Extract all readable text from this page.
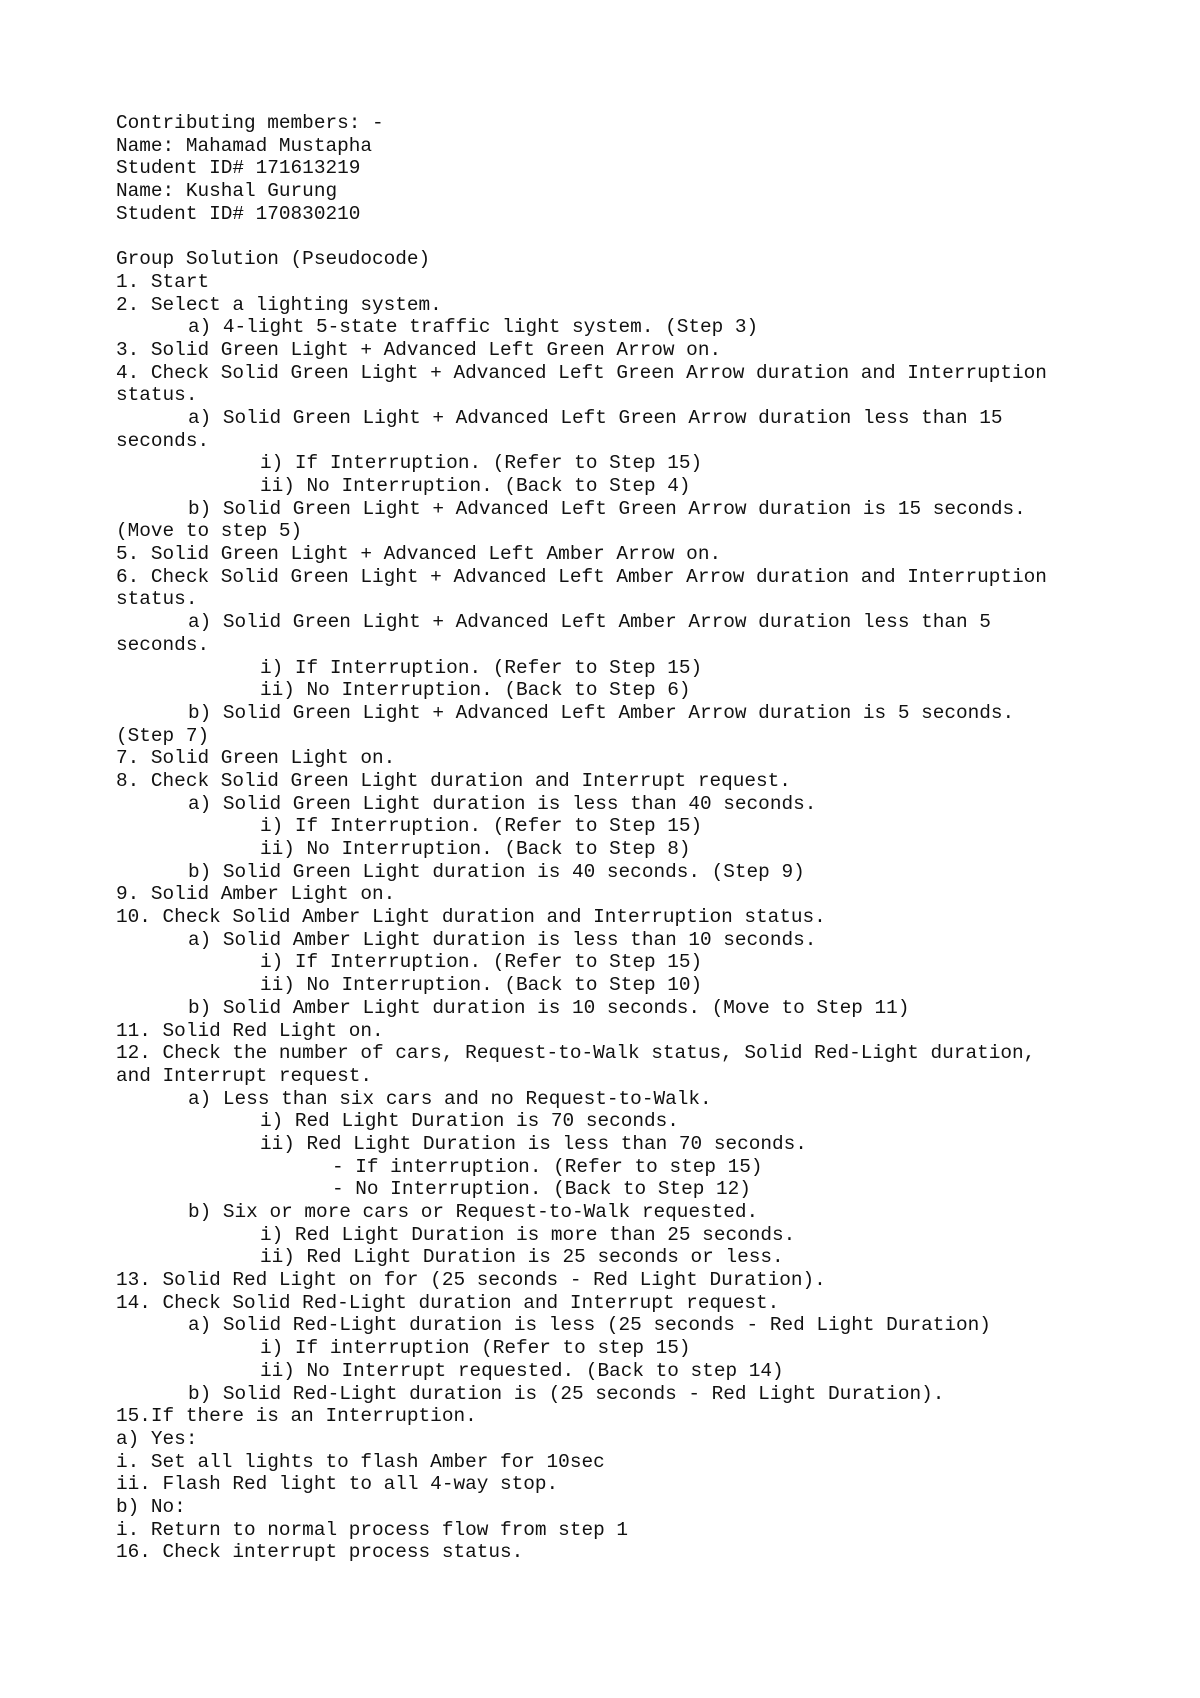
Contributing members: -
Name: Mahamad Mustapha
Student ID# 171613219
Name: Kushal Gurung
Student ID# 170830210
Group Solution (Pseudocode)
1. Start
2. Select a lighting system.
a) 4-light 5-state traffic light system. (Step 3)
3. Solid Green Light + Advanced Left Green Arrow on.
4. Check Solid Green Light + Advanced Left Green Arrow duration and Interruption
status.
a) Solid Green Light + Advanced Left Green Arrow duration less than 15
seconds.
i) If Interruption. (Refer to Step 15)
ii) No Interruption. (Back to Step 4)
b) Solid Green Light + Advanced Left Green Arrow duration is 15 seconds.
(Move to step 5)
5. Solid Green Light + Advanced Left Amber Arrow on.
6. Check Solid Green Light + Advanced Left Amber Arrow duration and Interruption
status.
a) Solid Green Light + Advanced Left Amber Arrow duration less than 5
seconds.
i) If Interruption. (Refer to Step 15)
ii) No Interruption. (Back to Step 6)
b) Solid Green Light + Advanced Left Amber Arrow duration is 5 seconds.
(Step 7)
7. Solid Green Light on.
8. Check Solid Green Light duration and Interrupt request.
a) Solid Green Light duration is less than 40 seconds.
i) If Interruption. (Refer to Step 15)
ii) No Interruption. (Back to Step 8)
b) Solid Green Light duration is 40 seconds. (Step 9)
9. Solid Amber Light on.
10. Check Solid Amber Light duration and Interruption status.
a) Solid Amber Light duration is less than 10 seconds.
i) If Interruption. (Refer to Step 15)
ii) No Interruption. (Back to Step 10)
b) Solid Amber Light duration is 10 seconds. (Move to Step 11)
11. Solid Red Light on.
12. Check the number of cars, Request-to-Walk status, Solid Red-Light duration,
and Interrupt request.
a) Less than six cars and no Request-to-Walk.
i) Red Light Duration is 70 seconds.
ii) Red Light Duration is less than 70 seconds.
- If interruption. (Refer to step 15)
- No Interruption. (Back to Step 12)
b) Six or more cars or Request-to-Walk requested.
i) Red Light Duration is more than 25 seconds.
ii) Red Light Duration is 25 seconds or less.
13. Solid Red Light on for (25 seconds - Red Light Duration).
14. Check Solid Red-Light duration and Interrupt request.
a) Solid Red-Light duration is less (25 seconds - Red Light Duration)
i) If interruption (Refer to step 15)
ii) No Interrupt requested. (Back to step 14)
b) Solid Red-Light duration is (25 seconds - Red Light Duration).
15.If there is an Interruption.
a) Yes:
i. Set all lights to flash Amber for 10sec
ii. Flash Red light to all 4-way stop.
b) No:
i. Return to normal process flow from step 1
16. Check interrupt process status.
